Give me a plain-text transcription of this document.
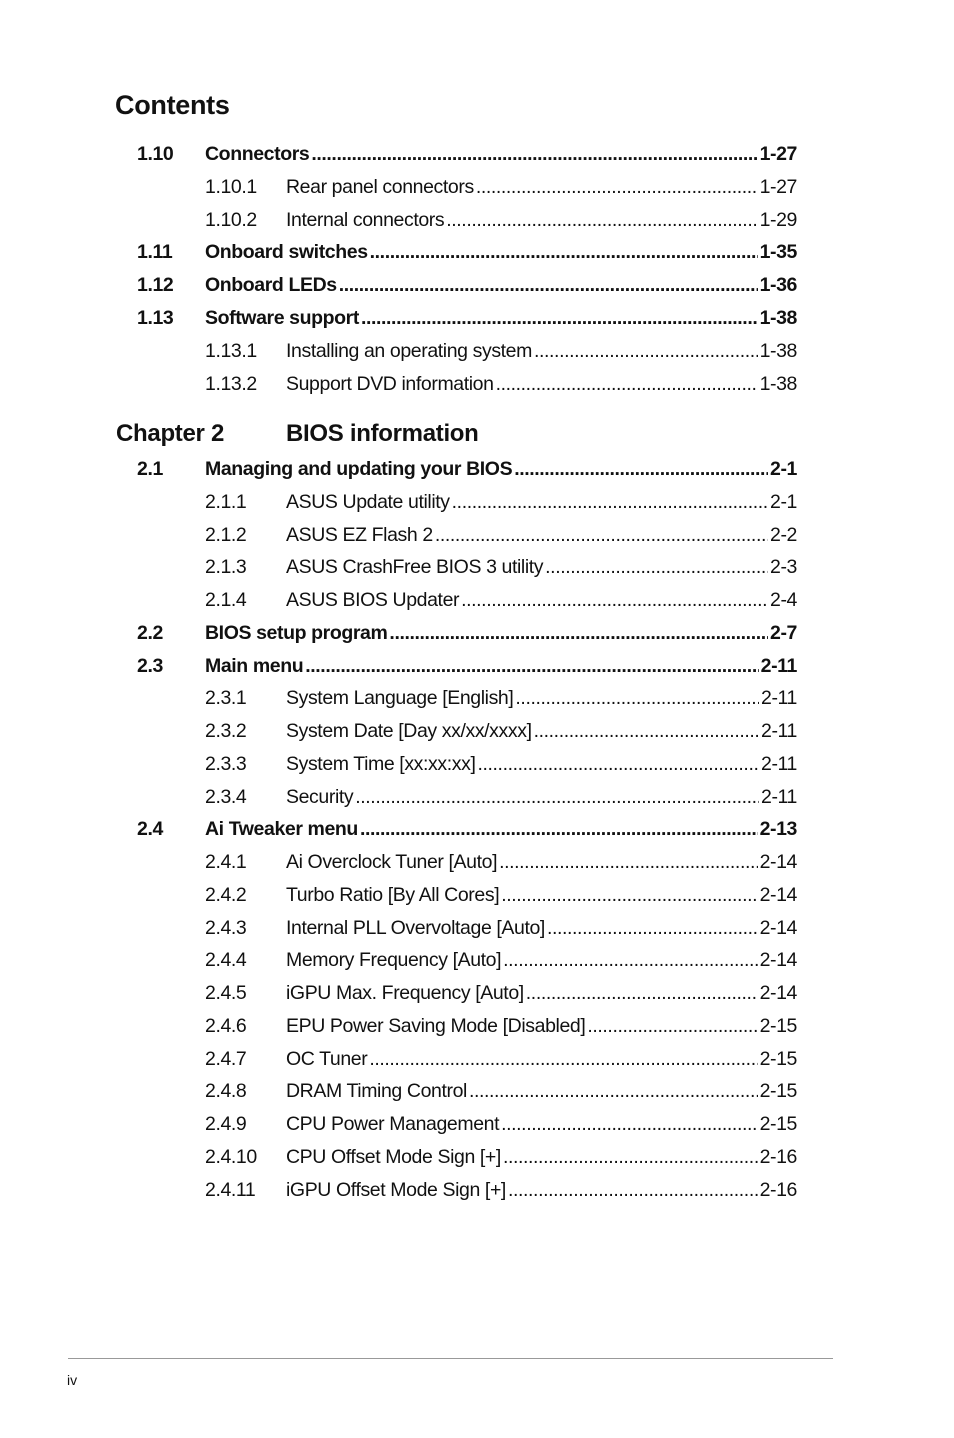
Contents
1.10 Connectors .....	1-27
1.10.1 Rear panel connectors .....	1-27
1.10.2 Internal connectors .....	1-29
1.11 Onboard switches .....	1-35
1.12 Onboard LEDs .....	1-36
1.13 Software support .....	1-38
1.13.1 Installing an operating system .....	1-38
1.13.2 Support DVD information .....	1-38
Chapter 2	BIOS information
2.1 Managing and updating your BIOS .....	2-1
2.1.1 ASUS Update utility .....	2-1
2.1.2 ASUS EZ Flash 2 .....	2-2
2.1.3 ASUS CrashFree BIOS 3 utility .....	2-3
2.1.4 ASUS BIOS Updater .....	2-4
2.2 BIOS setup program .....	2-7
2.3 Main menu .....	2-11
2.3.1 System Language [English] .....	2-11
2.3.2 System Date [Day xx/xx/xxxx] .....	2-11
2.3.3 System Time [xx:xx:xx] .....	2-11
2.3.4 Security .....	2-11
2.4 Ai Tweaker menu .....	2-13
2.4.1 Ai Overclock Tuner [Auto] .....	2-14
2.4.2 Turbo Ratio [By All Cores] .....	2-14
2.4.3 Internal PLL Overvoltage [Auto] .....	2-14
2.4.4 Memory Frequency [Auto] .....	2-14
2.4.5 iGPU Max. Frequency [Auto] .....	2-14
2.4.6 EPU Power Saving Mode [Disabled] .....	2-15
2.4.7 OC Tuner .....	2-15
2.4.8 DRAM Timing Control .....	2-15
2.4.9 CPU Power Management .....	2-15
2.4.10 CPU Offset Mode Sign [+] .....	2-16
2.4.11 iGPU Offset Mode Sign [+] .....	2-16
iv
